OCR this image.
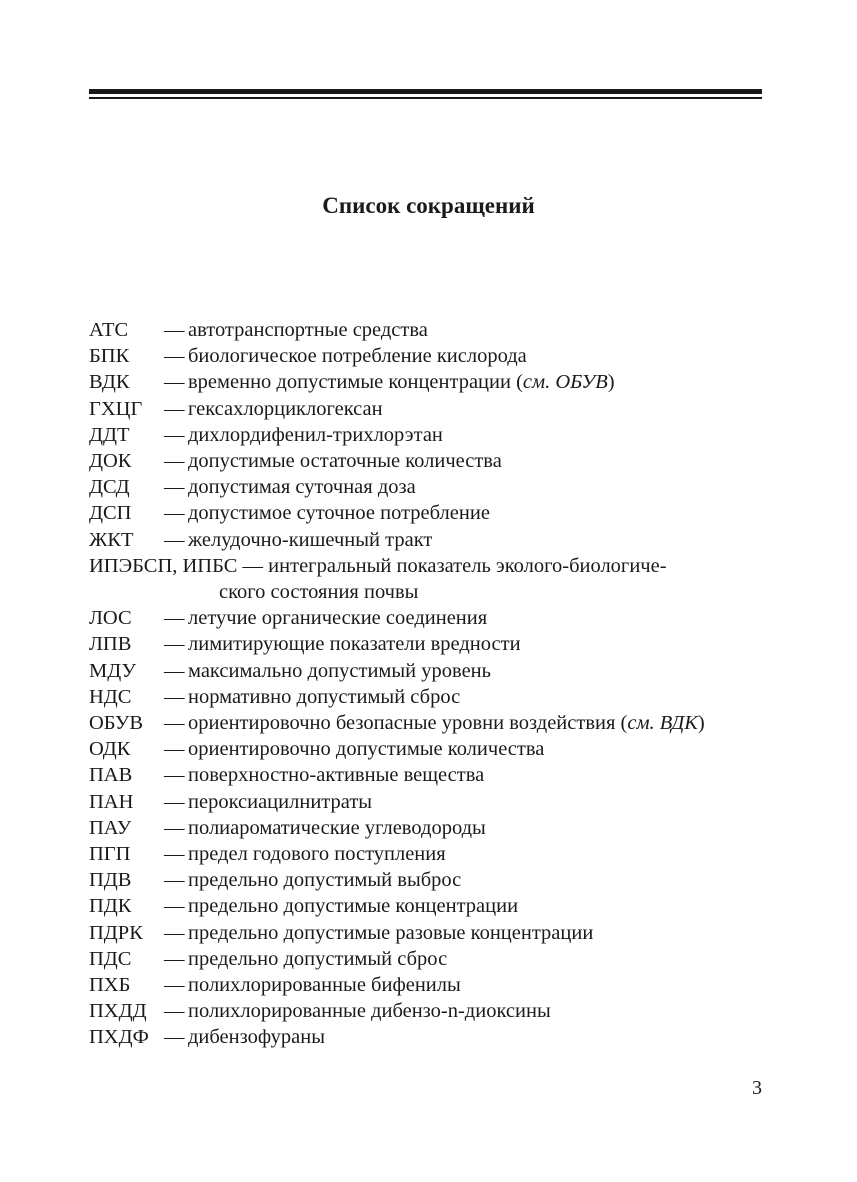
Список сокращений
АТС	— автотранспортные средства
БПК	— биологическое потребление кислорода
ВДК	— временно допустимые концентрации (см. ОБУВ)
ГХЦГ	— гексахлорциклогексан
ДДТ	— дихлордифенил-трихлорэтан
ДОК	— допустимые остаточные количества
ДСД	— допустимая суточная доза
ДСП	— допустимое суточное потребление
ЖКТ	— желудочно-кишечный тракт
ИПЭБСП, ИПБС — интегральный показатель эколого-биологиче-
ского состояния почвы
ЛОС	— летучие органические соединения
ЛПВ	— лимитирующие показатели вредности
МДУ	— максимально допустимый уровень
НДС	— нормативно допустимый сброс
ОБУВ	— ориентировочно безопасные уровни воздействия (см. ВДК)
ОДК	— ориентировочно допустимые количества
ПАВ	— поверхностно-активные вещества
ПАН	— пероксиацилнитраты
ПАУ	— полиароматические углеводороды
ПГП	— предел годового поступления
ПДВ	— предельно допустимый выброс
ПДК	— предельно допустимые концентрации
ПДРК	— предельно допустимые разовые концентрации
ПДС	— предельно допустимый сброс
ПХБ	— полихлорированные бифенилы
ПХДД — полихлорированные дибензо-n-диоксины
ПХДФ — дибензофураны
3
